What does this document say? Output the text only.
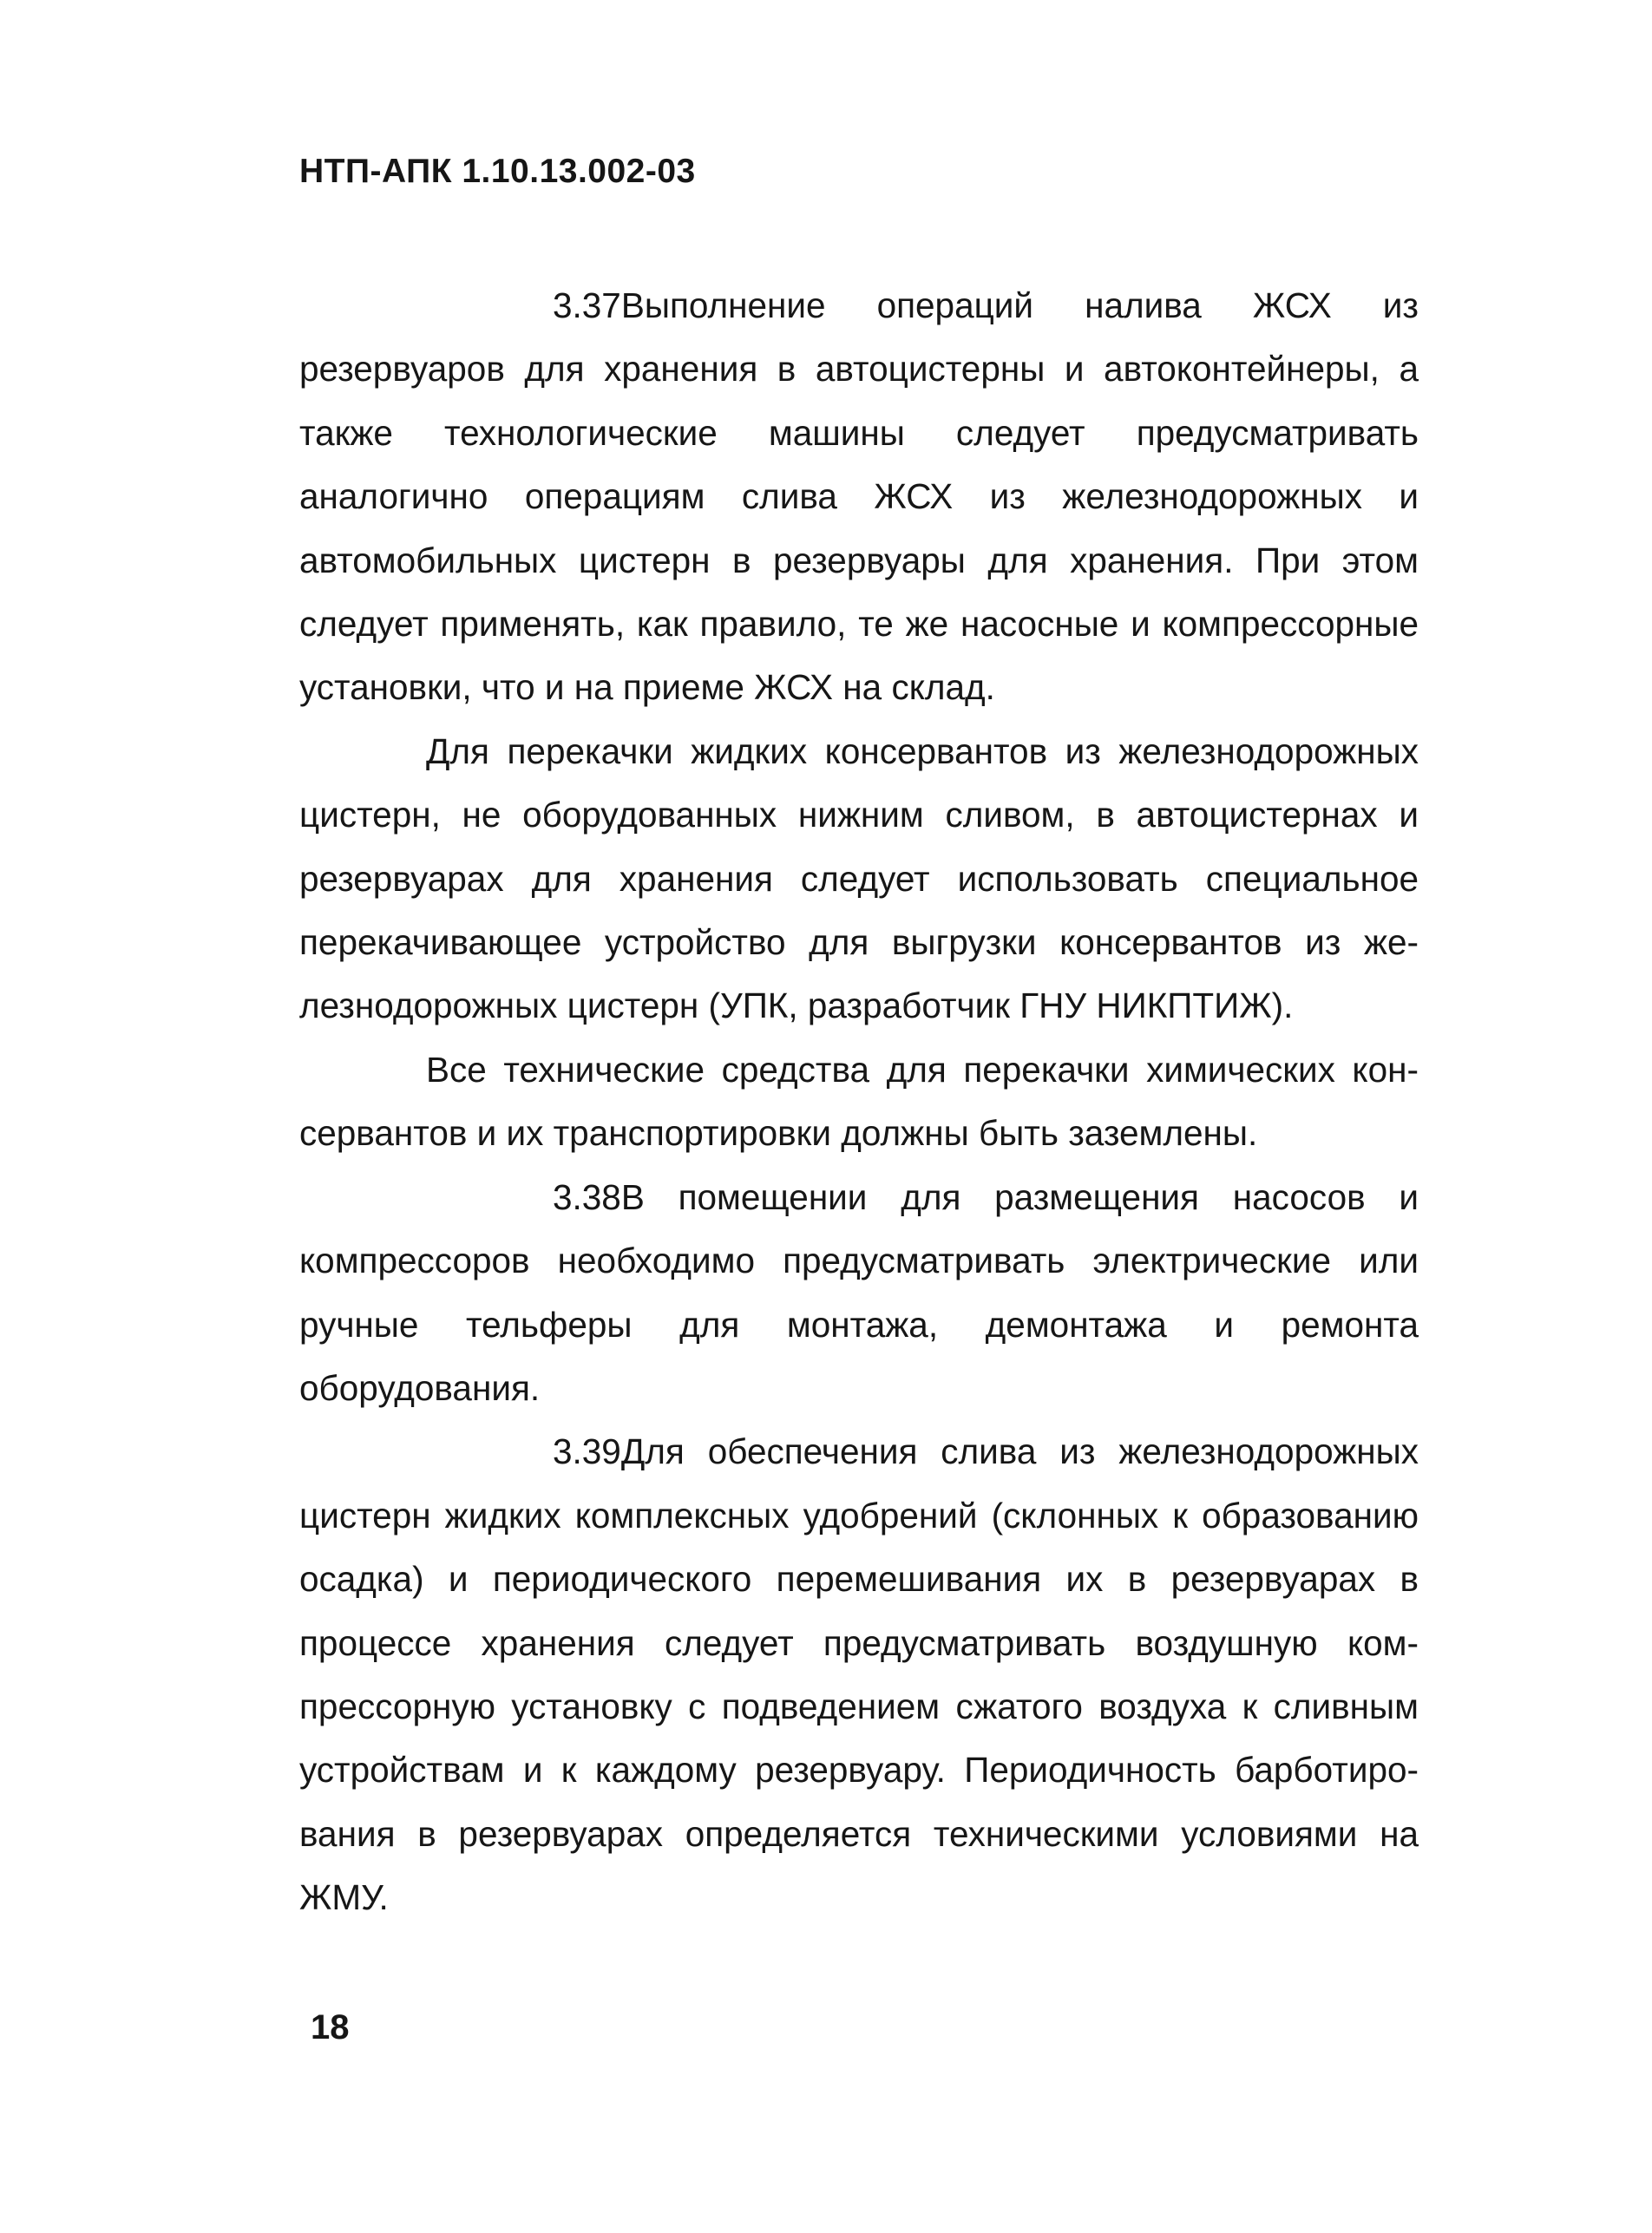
НТП-АПК 1.10.13.002-03

3.37Выполнение операций налива ЖСХ из резервуаров для хранения в автоцистерны и автоконтейнеры, а также технологические машины следует предусматривать аналогично операциям слива ЖСХ из железнодорожных и автомобильных цистерн в резервуары для хранения. При этом следует применять, как правило, те же насосные и компрессорные установки, что и на приеме ЖСХ на склад.

Для перекачки жидких консервантов из железнодорожных цистерн, не оборудованных нижним сливом, в автоцистернах и резервуарах для хранения следует использовать специальное перекачивающее устройство для выгрузки консервантов из железнодорожных цистерн (УПК, разработчик ГНУ НИКПТИЖ).

Все технические средства для перекачки химических консервантов и их транспортировки должны быть заземлены.

3.38В помещении для размещения насосов и компрессоров необходимо предусматривать электрические или ручные тельферы для монтажа, демонтажа и ремонта оборудования.

3.39Для обеспечения слива из железнодорожных цистерн жидких комплексных удобрений (склонных к образованию осадка) и периодического перемешивания их в резервуарах в процессе хранения следует предусматривать воздушную компрессорную установку с подведением сжатого воздуха к сливным устройствам и к каждому резервуару. Периодичность барботирования в резервуарах определяется техническими условиями на ЖМУ.

18
